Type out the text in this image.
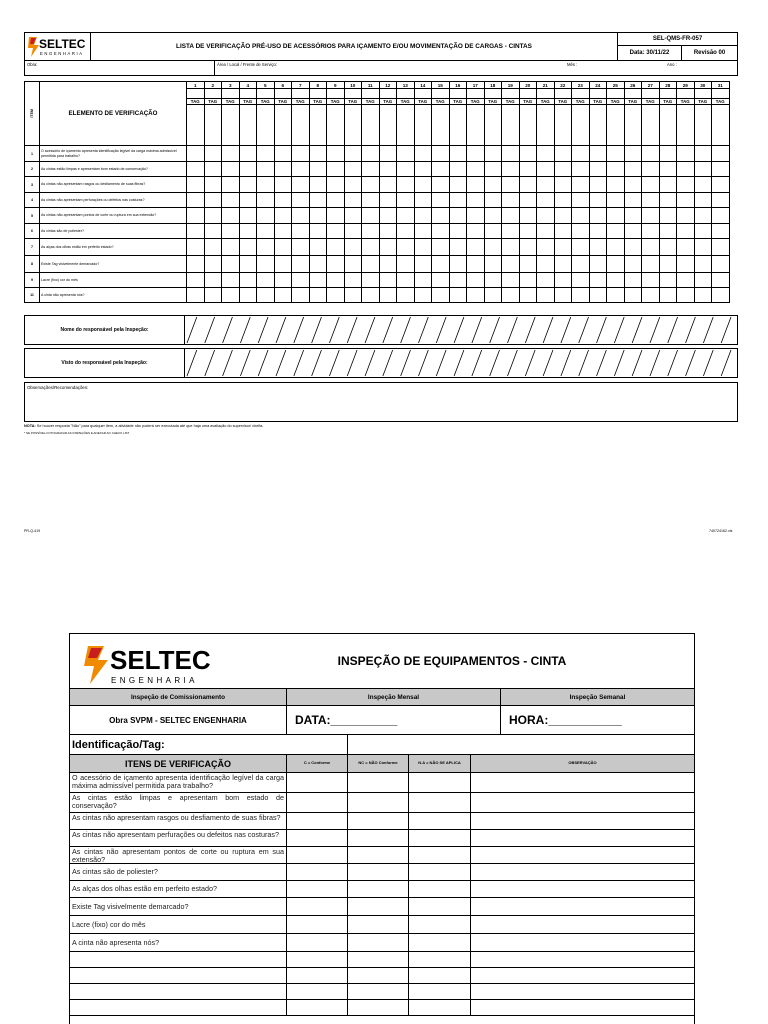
SELTEC
ENGENHARIA
LISTA DE VERIFICAÇÃO PRÉ-USO DE ACESSÓRIOS PARA IÇAMENTO E/OU MOVIMENTAÇÃO DE CARGAS - CINTAS
SEL-QMS-FR-057
Data: 30/11/22	Revisão 00
Obra:	Área / Local / Frente de Serviço:	Mês :	Ano :
ITEM	ELEMENTO DE VERIFICAÇÃO	1	2	3	4	5	6	7	8	9	10	11	12	13	14	15	16	17	18	19	20	21	22	23	24	25	26	27	28	29	30	31

		TAG	TAG	TAG	TAG	TAG	TAG	TAG	TAG	TAG	TAG	TAG	TAG	TAG	TAG	TAG	TAG	TAG	TAG	TAG	TAG	TAG	TAG	TAG	TAG	TAG	TAG	TAG	TAG	TAG	TAG	TAG

1	O acessório de içamento apresenta identificação legível da carga máxima admissível permitida para trabalho?																															
2	As cintas estão limpas e apresentam bom estado de conservação?																															
3	As cintas não apresentam rasgos ou desfiamento de suas fibras?																															
4	As cintas não apresentam perfurações ou defeitos nas costuras?																															
5	As cintas não apresentam pontos de corte ou ruptura em sua extensão?																															
6	As cintas são de poliester?																															
7	As alças dos olhas estão em perfeito estado?																															
8	Existe Tag visivelmente demarcado?																															
9	Lacre (fixo) cor do mês																															
11	A cinta não apresenta nós?																															
Nome do responsável pela Inspeção:
Visto do responsável pela Inspeção:
Observações/Recomendações:
NOTA: Se houver resposta "Não" para qualquer item, a atividade não poderá ser executada até que haja uma avaliação do supervisor/ chefia.
* SE POSSÍVEL FOTOGRAFAR AS INSPEÇÕES E ANEXAR AO CHECK LIST
PR-Q-419	740724162.xls
SELTEC
ENGENHARIA
INSPEÇÃO DE EQUIPAMENTOS - CINTA
Inspeção de Comissionamento	Inspeção Mensal	Inspeção Semanal
Obra SVPM - SELTEC ENGENHARIA	DATA:__________	HORA:___________
Identificação/Tag:
ITENS DE VERIFICAÇÃO	C = Conforme	NC = NÃO Conforme	N.A = NÃO SE APLICA	OBSERVAÇÃO
O acessório de içamento apresenta identificação legível da carga máxima admissível permitida para trabalho?
As cintas estão limpas e apresentam bom estado de conservação?
As cintas não apresentam rasgos ou desfiamento de suas fibras?
As cintas não apresentam perfurações ou defeitos nas costuras?
As cintas não apresentam pontos de corte ou ruptura em sua extensão?
As cintas são de poliester?
As alças dos olhas estão em perfeito estado?
Existe Tag visivelmente demarcado?
Lacre (fixo) cor do mês
A cinta não apresenta nós?
